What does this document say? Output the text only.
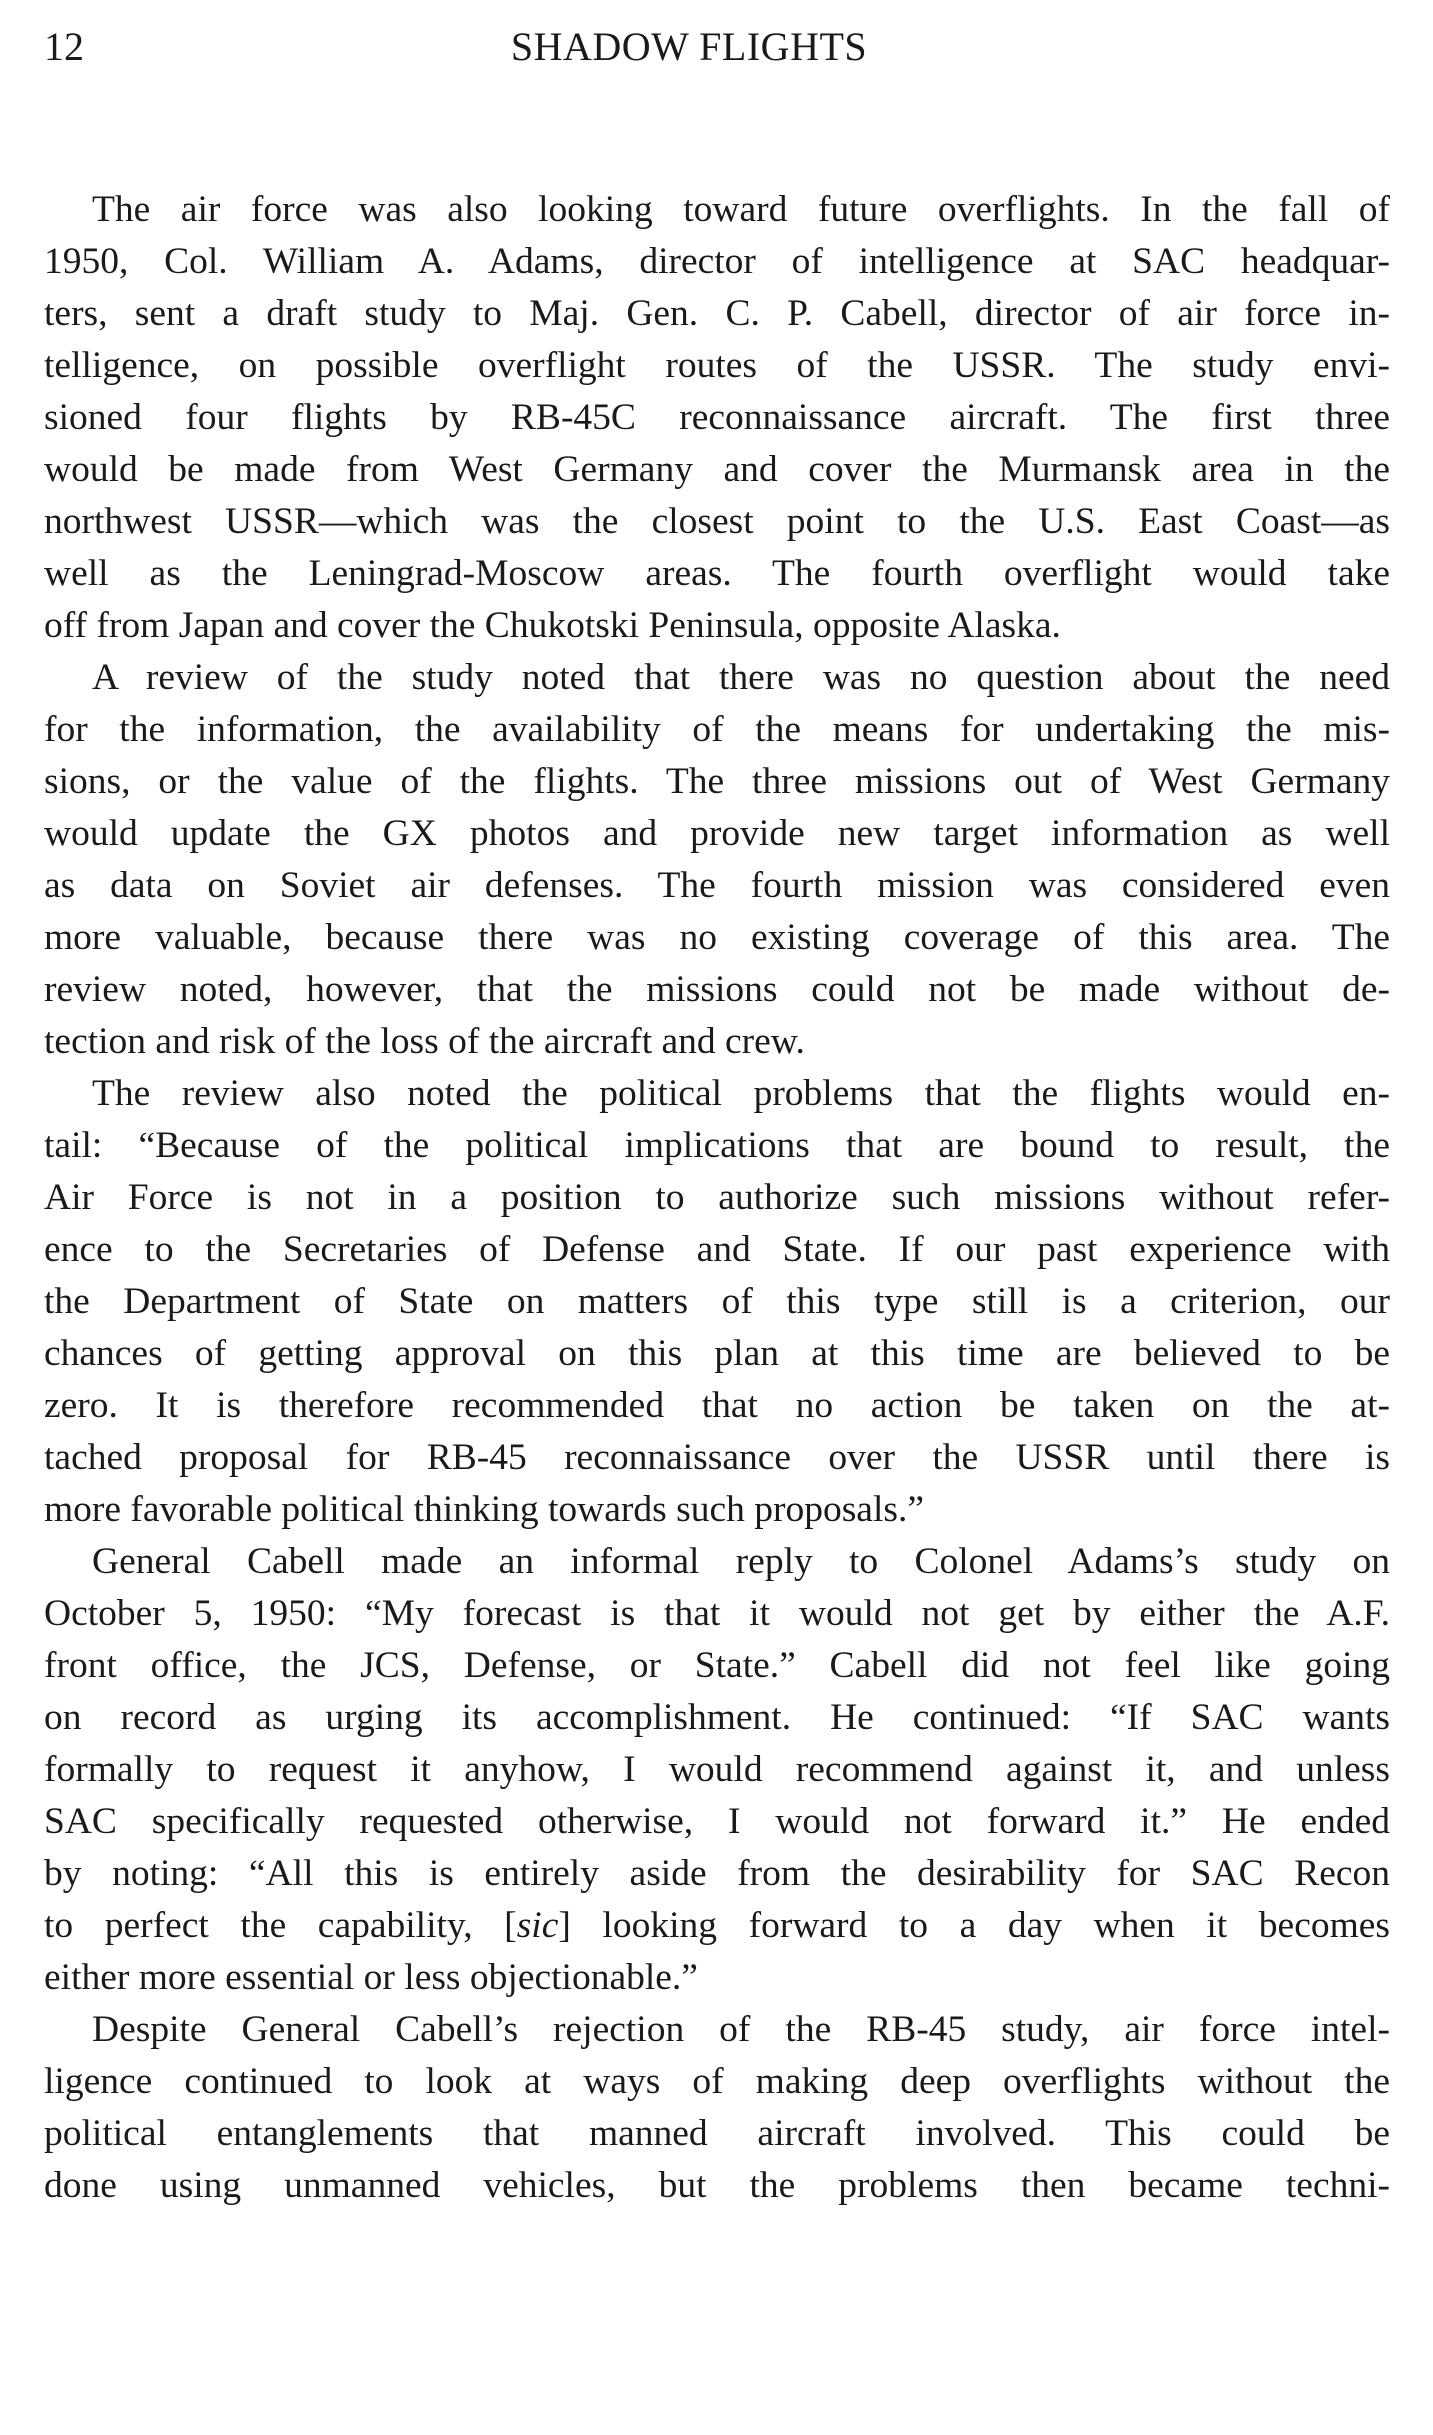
12	SHADOW FLIGHTS
The air force was also looking toward future overflights. In the fall of
1950, Col. William A. Adams, director of intelligence at SAC headquar-
ters, sent a draft study to Maj. Gen. C. P. Cabell, director of air force in-
telligence, on possible overflight routes of the USSR. The study envi-
sioned four flights by RB-45C reconnaissance aircraft. The first three
would be made from West Germany and cover the Murmansk area in the
northwest USSR—which was the closest point to the U.S. East Coast—as
well as the Leningrad-Moscow areas. The fourth overflight would take
off from Japan and cover the Chukotski Peninsula, opposite Alaska.
A review of the study noted that there was no question about the need
for the information, the availability of the means for undertaking the mis-
sions, or the value of the flights. The three missions out of West Germany
would update the GX photos and provide new target information as well
as data on Soviet air defenses. The fourth mission was considered even
more valuable, because there was no existing coverage of this area. The
review noted, however, that the missions could not be made without de-
tection and risk of the loss of the aircraft and crew.
The review also noted the political problems that the flights would en-
tail: “Because of the political implications that are bound to result, the
Air Force is not in a position to authorize such missions without refer-
ence to the Secretaries of Defense and State. If our past experience with
the Department of State on matters of this type still is a criterion, our
chances of getting approval on this plan at this time are believed to be
zero. It is therefore recommended that no action be taken on the at-
tached proposal for RB-45 reconnaissance over the USSR until there is
more favorable political thinking towards such proposals.”
General Cabell made an informal reply to Colonel Adams’s study on
October 5, 1950: “My forecast is that it would not get by either the A.F.
front office, the JCS, Defense, or State.” Cabell did not feel like going
on record as urging its accomplishment. He continued: “If SAC wants
formally to request it anyhow, I would recommend against it, and unless
SAC specifically requested otherwise, I would not forward it.” He ended
by noting: “All this is entirely aside from the desirability for SAC Recon
to perfect the capability, [sic] looking forward to a day when it becomes
either more essential or less objectionable.”
Despite General Cabell’s rejection of the RB-45 study, air force intel-
ligence continued to look at ways of making deep overflights without the
political entanglements that manned aircraft involved. This could be
done using unmanned vehicles, but the problems then became techni-
